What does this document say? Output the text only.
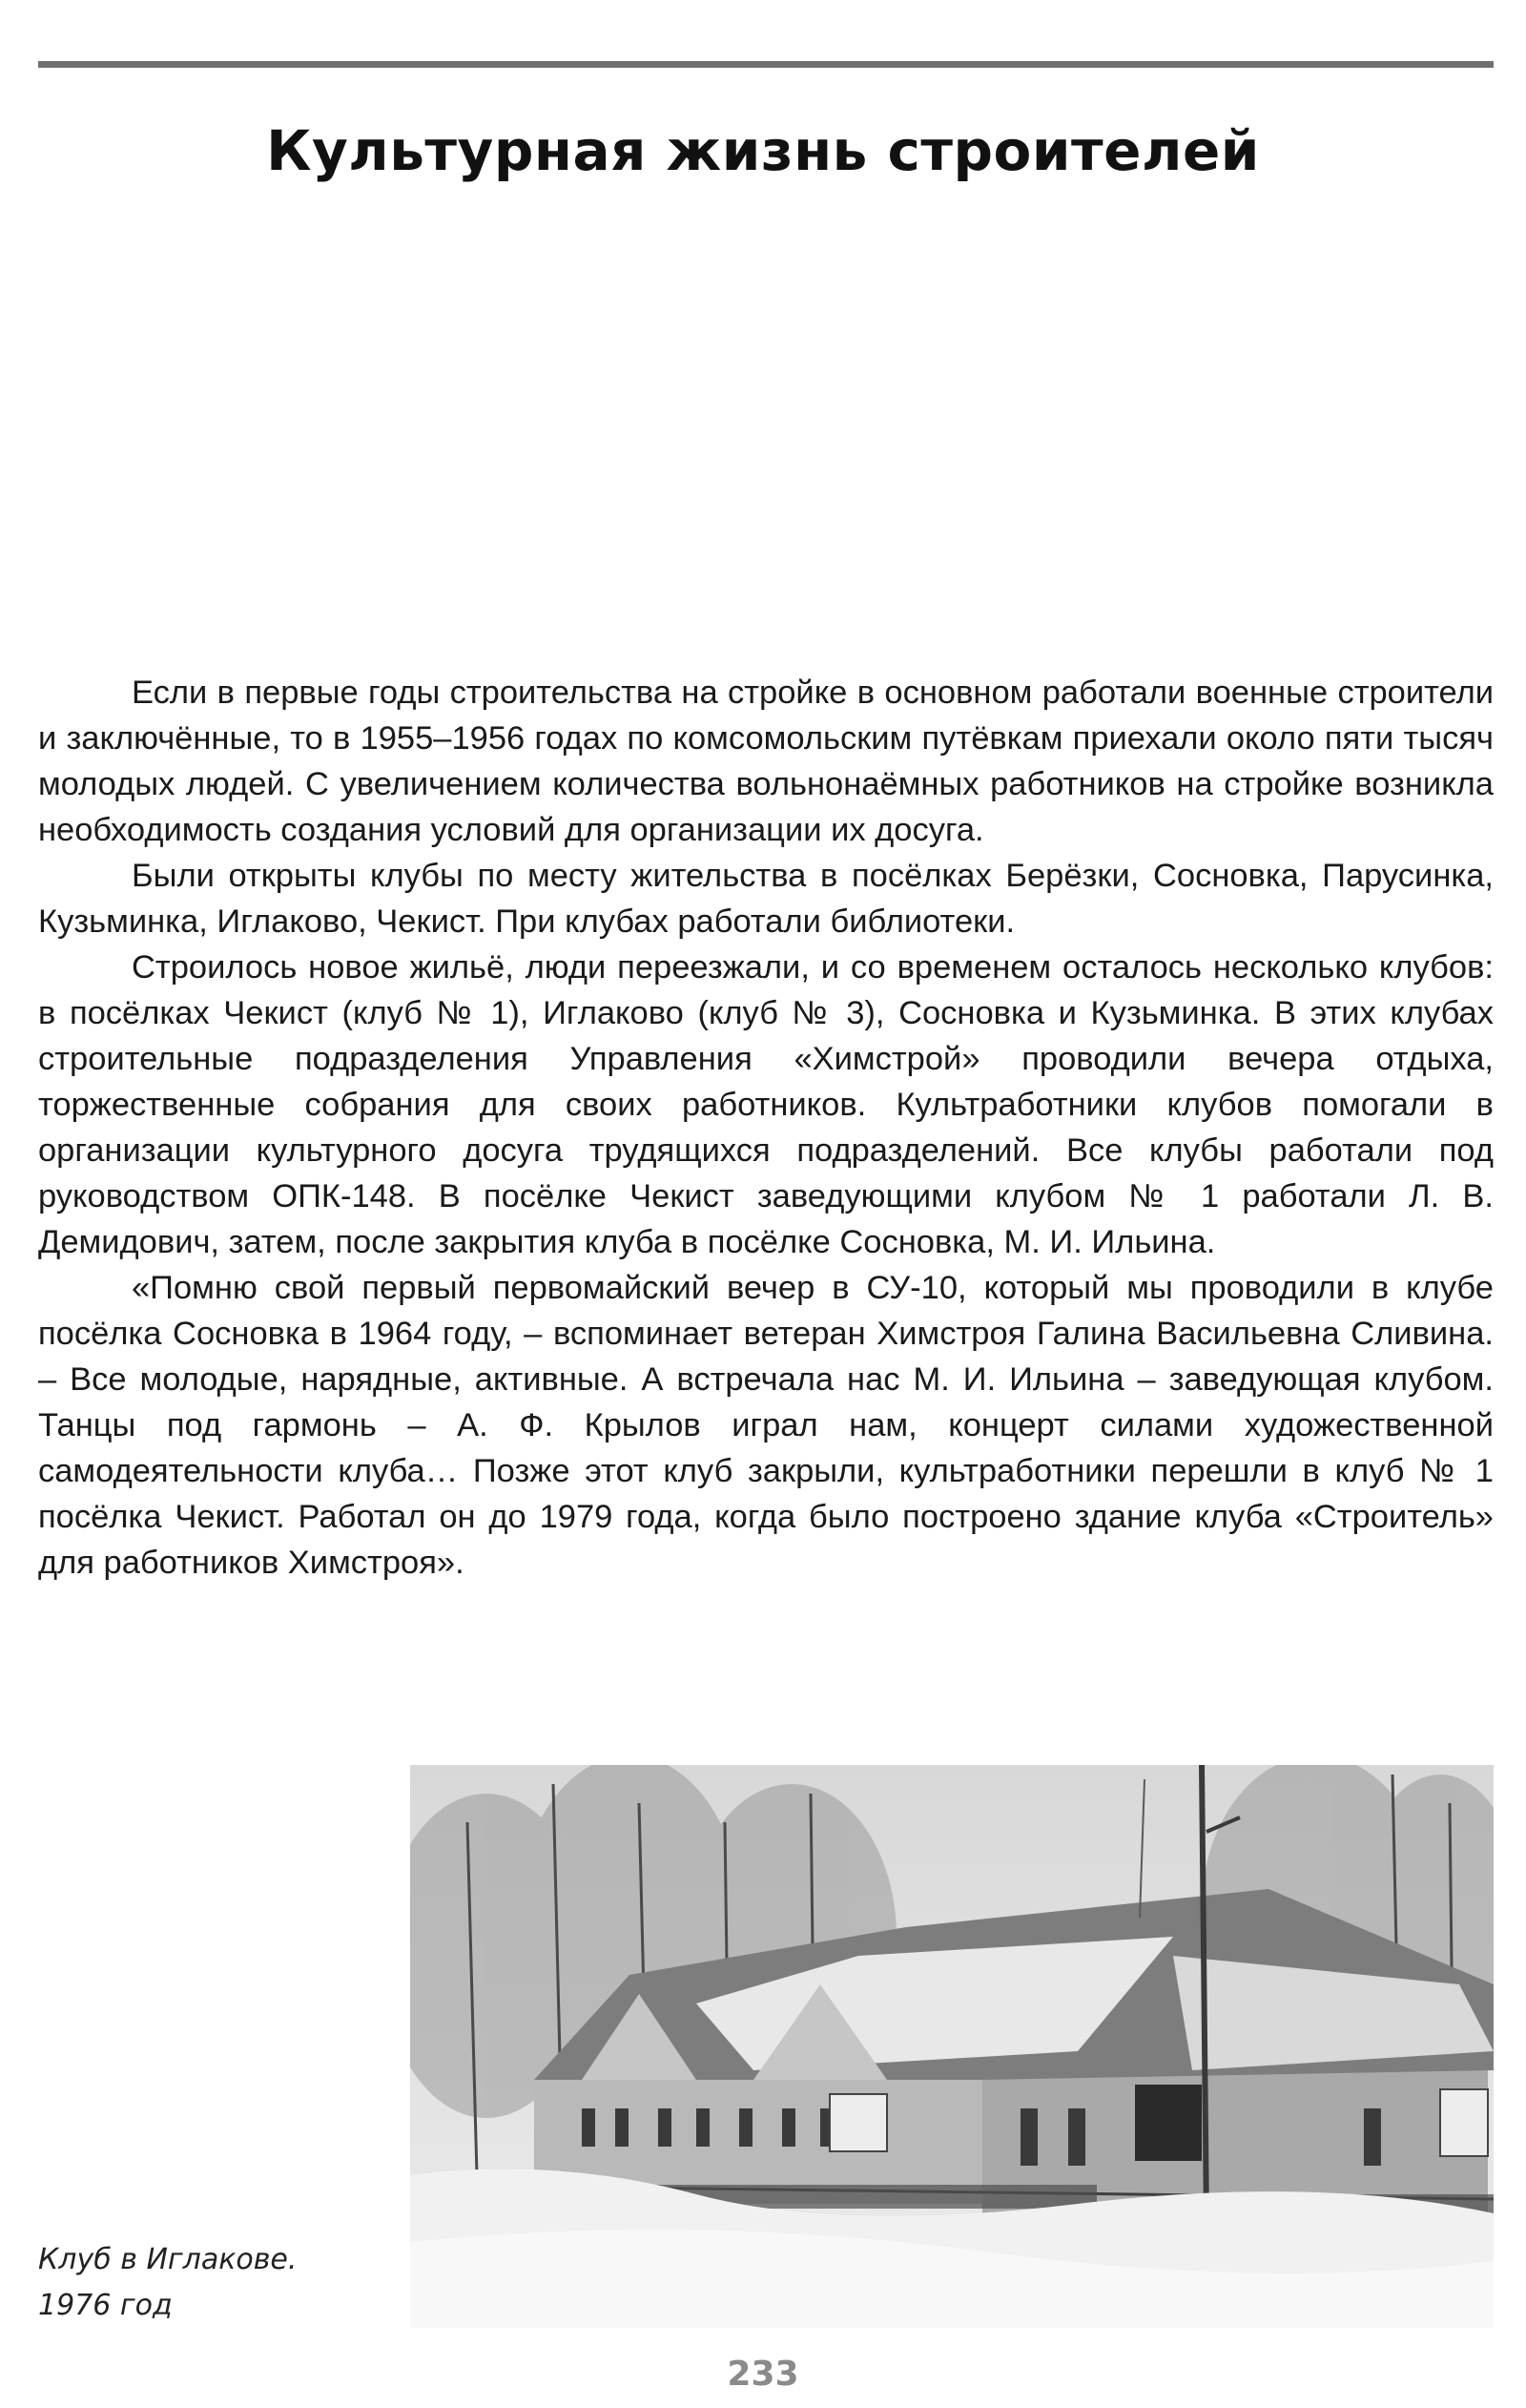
Культурная жизнь строителей

Если в первые годы строительства на стройке в основном работали военные строители и заключённые, то в 1955–1956 годах по комсомольским путёвкам приехали около пяти тысяч молодых людей. С увеличением количества вольнонаёмных работников на стройке возникла необходимость создания условий для организации их досуга.

Были открыты клубы по месту жительства в посёлках Берёзки, Сосновка, Парусинка, Кузьминка, Иглаково, Чекист. При клубах работали библиотеки.

Строилось новое жильё, люди переезжали, и со временем осталось несколько клубов: в посёлках Чекист (клуб № 1), Иглаково (клуб № 3), Сосновка и Кузьминка. В этих клубах строительные подразделения Управления «Химстрой» проводили вечера отдыха, торжественные собрания для своих работников. Культработники клубов помогали в организации культурного досуга трудящихся подразделений. Все клубы работали под руководством ОПК-148. В посёлке Чекист заведующими клубом № 1 работали Л. В. Демидович, затем, после закрытия клуба в посёлке Сосновка, М. И. Ильина.

«Помню свой первый первомайский вечер в СУ-10, который мы проводили в клубе посёлка Сосновка в 1964 году, – вспоминает ветеран Химстроя Галина Васильевна Сливина. – Все молодые, нарядные, активные. А встречала нас М. И. Ильина – заведующая клубом. Танцы под гармонь – А. Ф. Крылов играл нам, концерт силами художественной самодеятельности клуба… Позже этот клуб закрыли, культработники перешли в клуб № 1 посёлка Чекист. Работал он до 1979 года, когда было построено здание клуба «Строитель» для работников Химстроя».

Клуб в Иглакове.
1976 год
233
